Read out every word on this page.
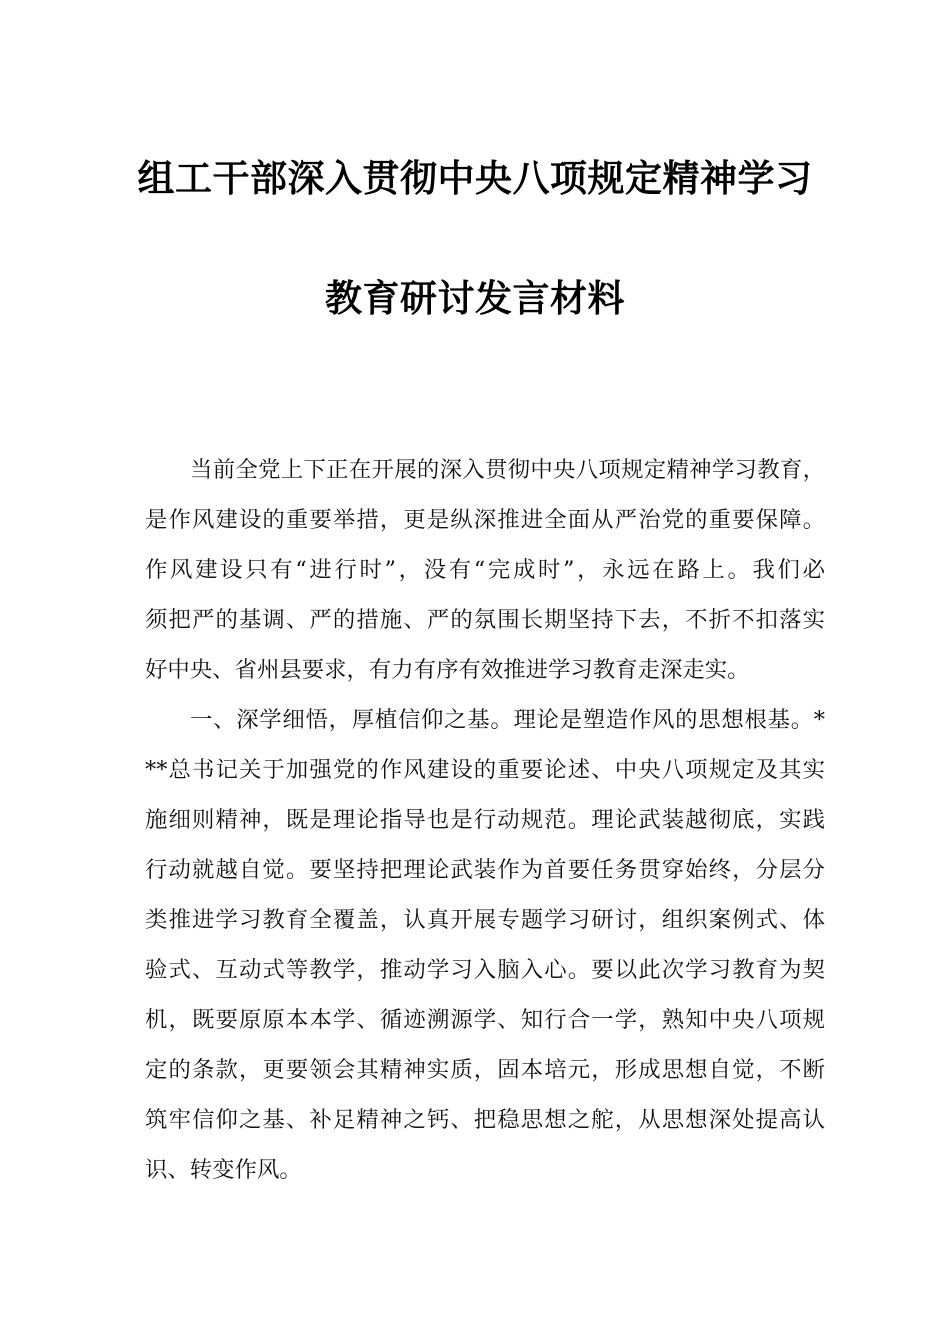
组工干部深入贯彻中央八项规定精神学习
教育研讨发言材料
当前全党上下正在开展的深入贯彻中央八项规定精神学习教育，
是作风建设的重要举措，更是纵深推进全面从严治党的重要保障。
作风建设只有“进行时”，没有“完成时”，永远在路上。我们必
须把严的基调、严的措施、严的氛围长期坚持下去，不折不扣落实
好中央、省州县要求，有力有序有效推进学习教育走深走实。
一、深学细悟，厚植信仰之基。理论是塑造作风的思想根基。*
**总书记关于加强党的作风建设的重要论述、中央八项规定及其实
施细则精神，既是理论指导也是行动规范。理论武装越彻底，实践
行动就越自觉。要坚持把理论武装作为首要任务贯穿始终，分层分
类推进学习教育全覆盖，认真开展专题学习研讨，组织案例式、体
验式、互动式等教学，推动学习入脑入心。要以此次学习教育为契
机，既要原原本本学、循迹溯源学、知行合一学，熟知中央八项规
定的条款，更要领会其精神实质，固本培元，形成思想自觉，不断
筑牢信仰之基、补足精神之钙、把稳思想之舵，从思想深处提高认
识、转变作风。
